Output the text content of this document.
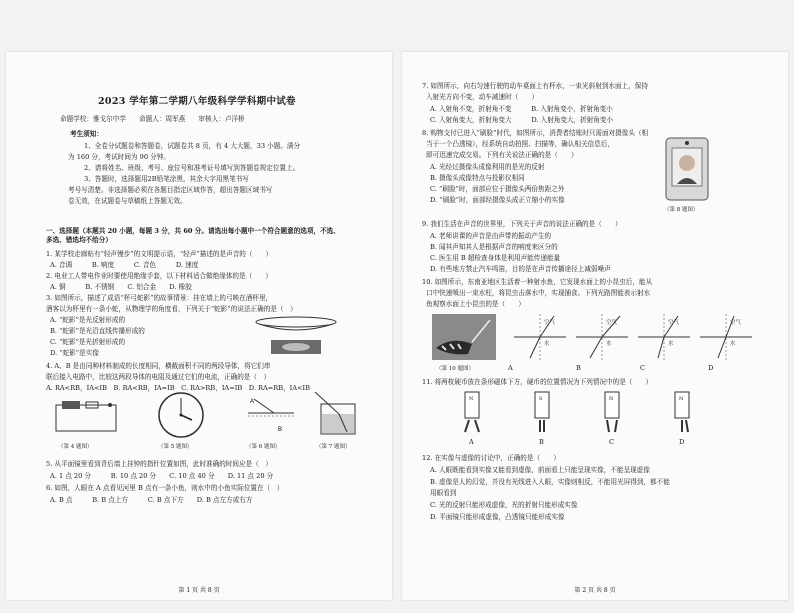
2023 学年第二学期八年级科学学科期中试卷
命题学校：雅戈尔中学　　命题人：周军燕　　审核人：卢洋桥
考生须知：
1、全卷分试题卷和答题卷，试题卷共 8 页，有 4 大大题，33 小题。满分
为 160 分，考试时间为 90 分钟。
2、请将姓名、班级、考号、座位号和准考证号填写到答题卷规定位置上。
3、答题时，选择题用2B铅笔涂黑，其余大字用黑笔书写
考号写清楚。非选择题必须在各题目指定区域作答，超出答题区域书写
卷无效，在试题卷与草稿纸上答题无效。
一、选择题（本题共 20 小题，每题 3 分，共 60 分。请选出每小题中一个符合题意的选项，不选、多选、错选均不给分）
1. 某学校走廊贴有“轻声慢步”的文明提示语，“轻声”描述的是声音的（　　）
A. 音调　　　B. 响度　　　C. 音色　　　D. 速度
2. 电业工人带电作业时要使用绝缘手套，以下材料适合做绝缘体的是（　　）
A. 铜　　　B. 不锈钢　　C. 铝合金　　D. 橡胶
3. 如图所示，描述了成语“杯弓蛇影”的故事情景：挂在墙上的弓映在酒杯里，
酒客以为杯里有一条小蛇，从物理学的角度看，下列关于“蛇影”的说法正确的是（　）
A. “蛇影”是光反射形成的
B. “蛇影”是光沿直线传播形成的
C. “蛇影”是光折射形成的
D. “蛇影”是实像
4. A、B 是由同种材料制成的长度相同，横截面积不同的两段导体，将它们串
联后接入电路中，比较这两段导体的电阻及通过它们的电流，正确的是（　）
A. RA<RB，IA<IB　B. RA<RB，IA=IB　C. RA>RB，IA=IB　D. RA=RB，IA<IB
A
B
（第 4 题图）	（第 5 题图）	（第 6 题图）	（第 7 题图）
5. 从平面镜里看到背后墙上挂钟的指针位置如图，此时准确的时间应是（　）
A. 1 点 20 分　　　B. 10 点 20 分　　C. 10 点 40 分　　D. 11 点 20 分
6. 如图，人眼在 A 点看见河里 B 点有一条小鱼，则水中的小鱼实际位置在（　）
A. B 点　　　B. B 点上方　　　C. B 点下方　　D. B 点左方或右方
第 1 页 共 8 页
7. 如图所示，向右匀速行驶的动车桌面上有杯水，一束光斜射到水面上，保持
入射光方向不变，动车减速时（　　）
A. 入射角不变，折射角不变　　　B. 入射角变小，折射角变小
C. 入射角变大，折射角变大　　　D. 入射角变大，折射角变小
8. 购物支付已进入“刷脸”时代，如图所示，消费者结账时只需面对摄像头（相
当于一个凸透镜），经系统自动拍照、扫描等，确认相关信息后，
即可迅速完成交易。下列有关说法正确的是（　　）
A. 光经过摄像头成像利用的是光的反射
B. 摄像头成像特点与投影仪相同
C. “刷脸”时，面部应位于摄像头两倍焦距之外
D. “刷脸”时，面部经摄像头成正立缩小的实像
（第 8 题图）
9. 我们生活在声音的世界里，下列关于声音的说法正确的是（　　）
A. 老师讲课的声音是由声带的振动产生的
B. 闻其声知其人是根据声音的响度来区分的
C. 医生用 B 超检查身体是利用声能传递能量
D. 有些地方禁止汽车鸣笛，目的是在声音传播途径上减弱噪声
10. 如图所示，东南亚地区生活着一种射水鱼，它发现水面上的小昆虫后，能从
口中快速喷出一束水柱，将昆虫击落水中，实现捕食。下列光路图能表示射水
鱼观察水面上小昆虫的是（　　）
（第 10 题图）
空气
水
空气
水
空气
水
空气
水
A	B	C	D
11. 将两枚硬币放在条形磁体下方，硬币的位置情况为下列情况中的是（　　）
N	S	N	N
A	B	C	D
12. 在实像与虚像的讨论中，正确的是（　　）
A. 人眼既能看到实像又能看到虚像，前面看上只能呈现实像，不能呈现虚像
B. 虚像是人的幻觉，并没有光线进入人眼，实像则相反，不能用光屏得到，都不能
用眼看到
C. 光的反射只能形成虚像，光的折射只能形成实像
D. 平面镜只能形成虚像，凸透镜只能形成实像
第 2 页 共 8 页
